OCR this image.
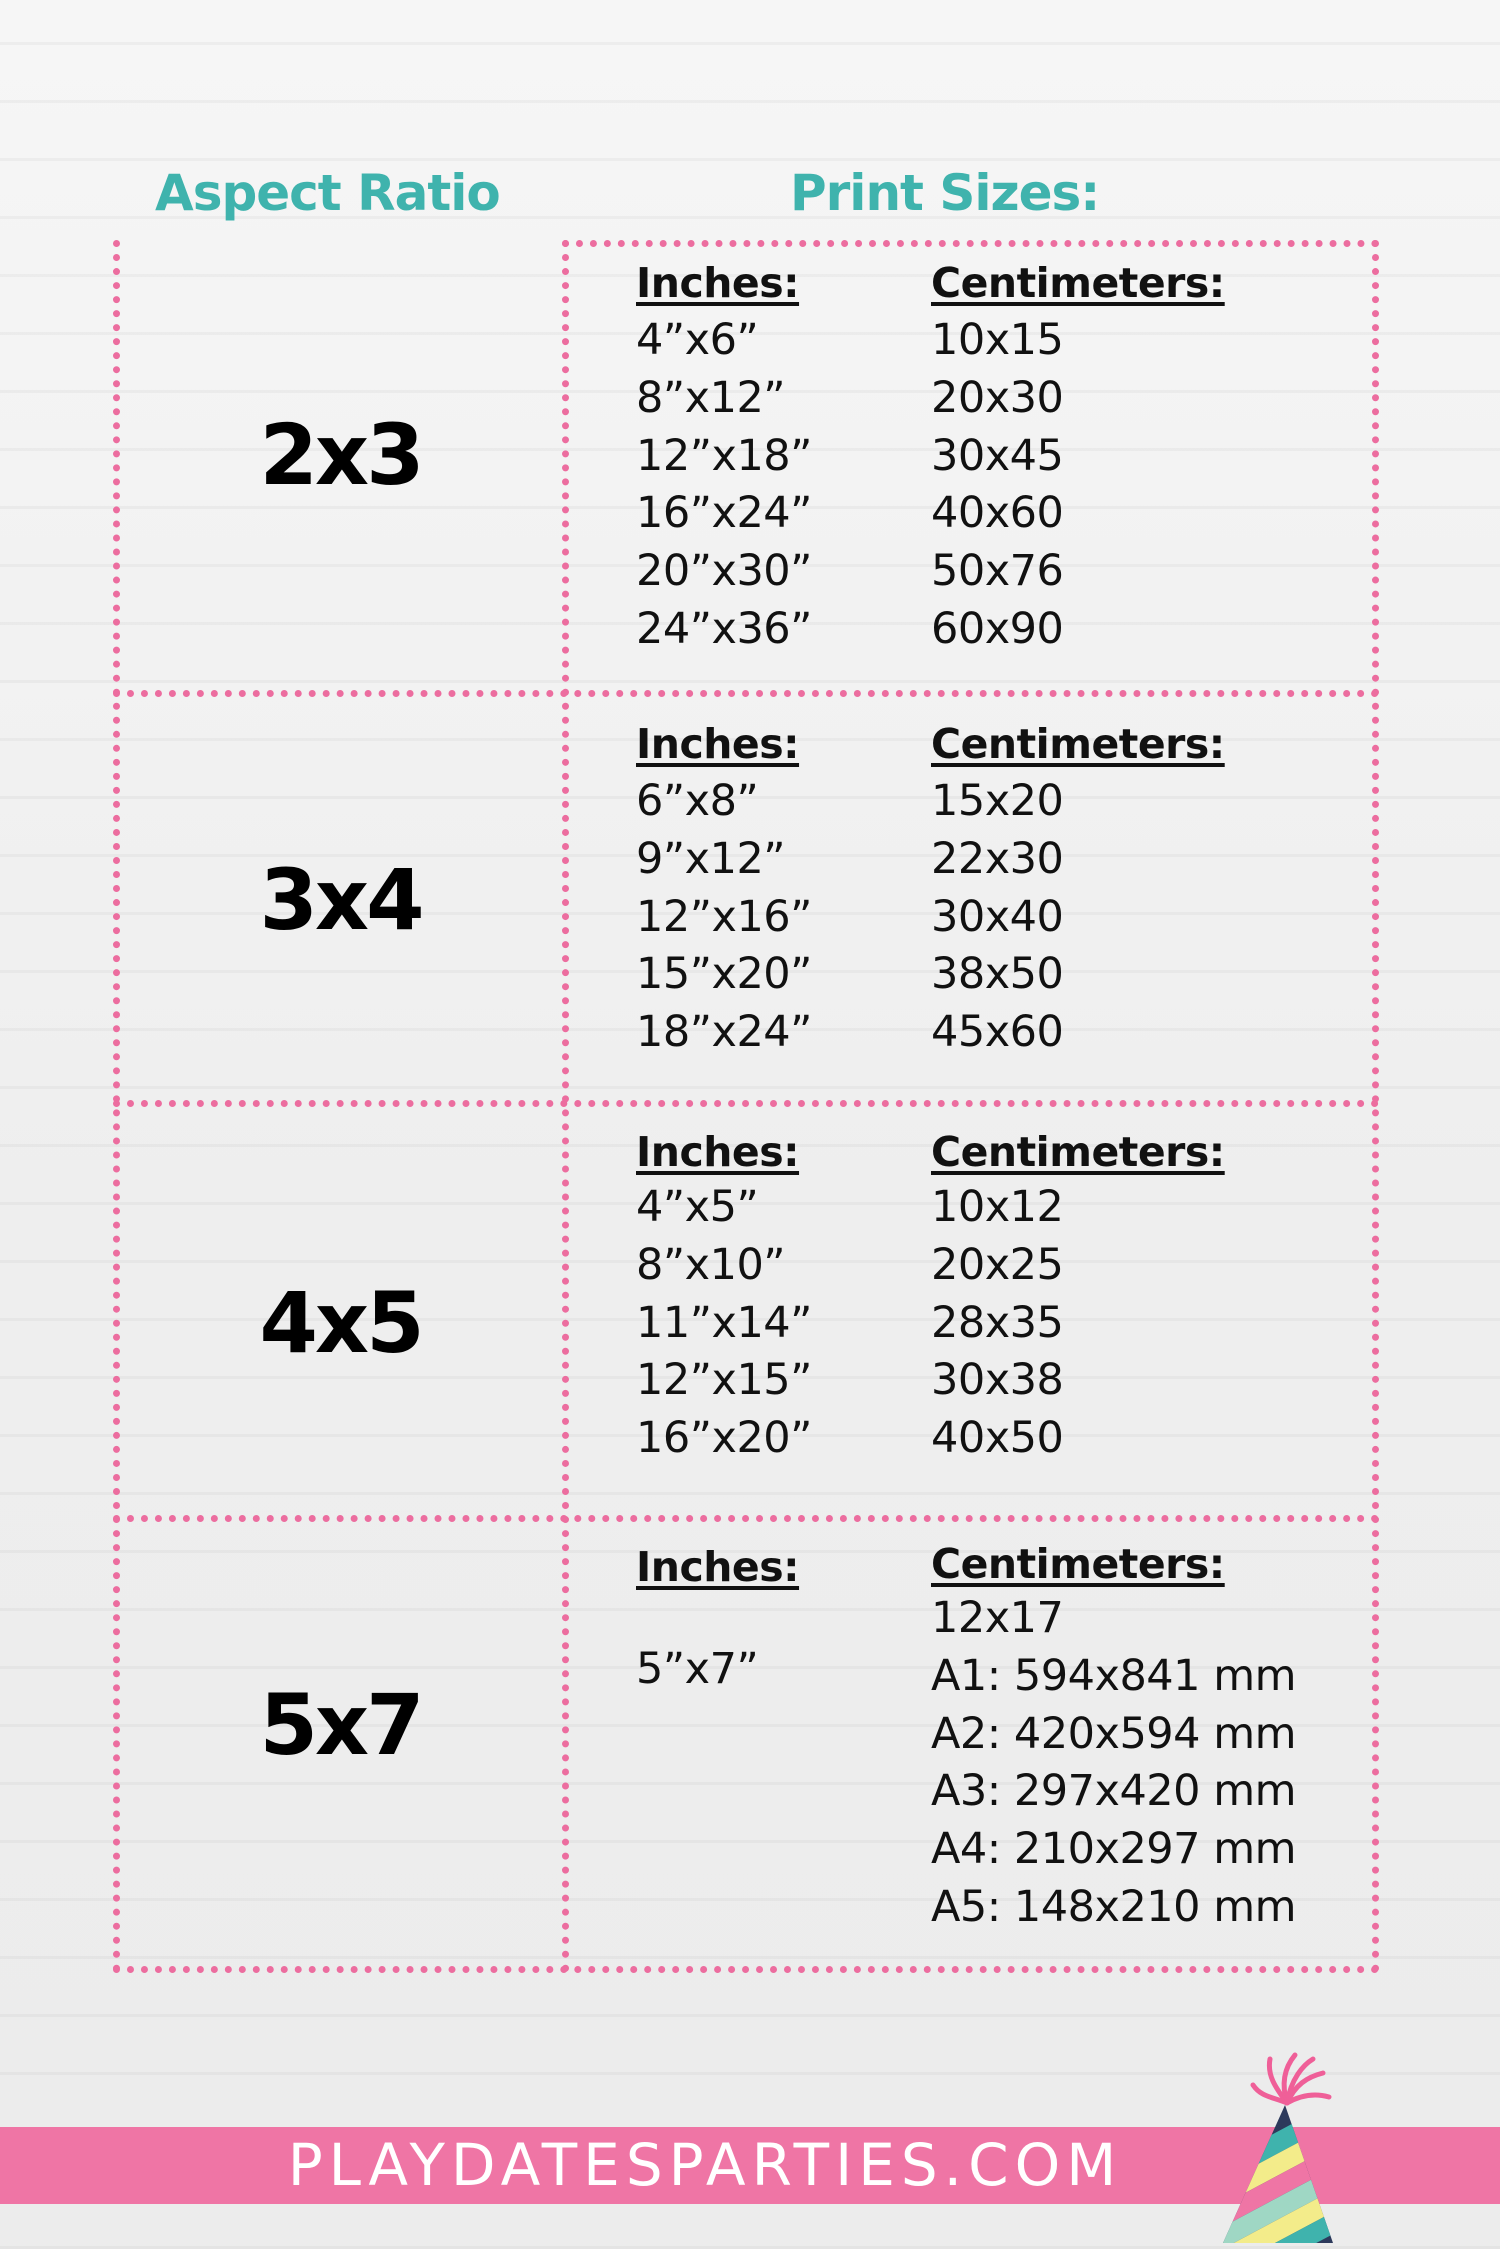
Aspect Ratio	Print Sizes:
2x3
Inches:
4”x6”
8”x12”
12”x18”
16”x24”
20”x30”
24”x36”
Centimeters:
10x15
20x30
30x45
40x60
50x76
60x90
3x4
Inches:
6”x8”
9”x12”
12”x16”
15”x20”
18”x24”
Centimeters:
15x20
22x30
30x40
38x50
45x60
4x5
Inches:
4”x5”
8”x10”
11”x14”
12”x15”
16”x20”
Centimeters:
10x12
20x25
28x35
30x38
40x50
5x7
Inches:
5”x7”
Centimeters:
12x17
A1: 594x841 mm
A2: 420x594 mm
A3: 297x420 mm
A4: 210x297 mm
A5: 148x210 mm
PLAYDATESPARTIES.COM
